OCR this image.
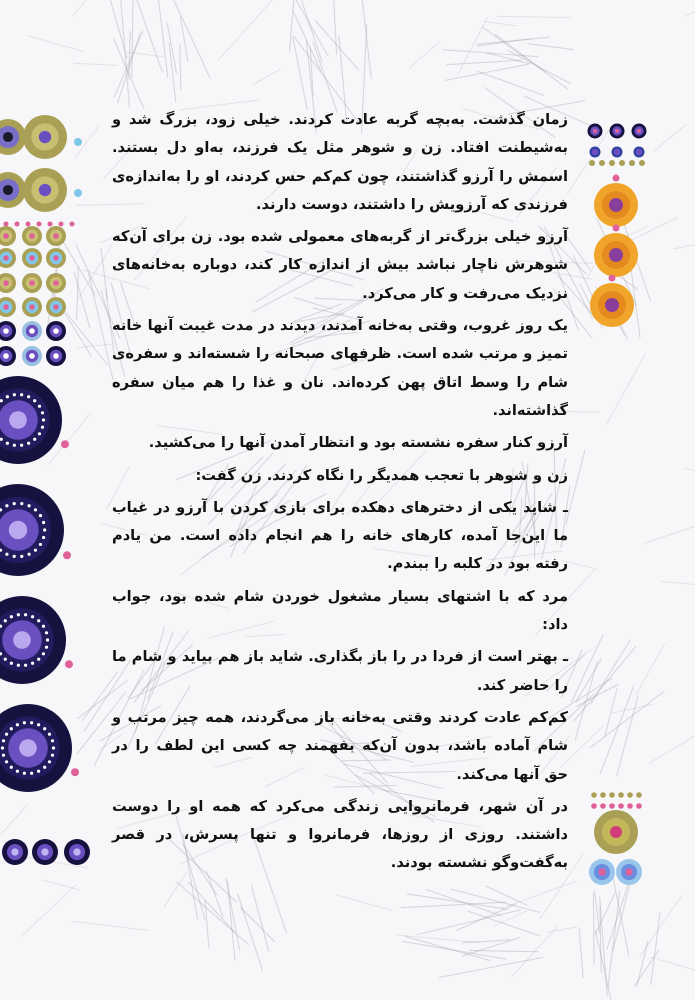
زمان گذشت. به‌بچه گربه عادت کردند. خیلی زود، بزرگ شد و به‌شیطنت افتاد. زن و شوهر مثل یک فرزند، به‌او دل بستند. اسمش را آرزو گذاشتند، چون کم‌کم حس کردند، او را به‌اندازه‌ی فرزندی که آرزویش را داشتند، دوست دارند.

آرزو خیلی بزرگ‌تر از گربه‌های معمولی شده بود. زن برای آن‌که شوهرش ناچار نباشد بیش از اندازه کار کند، دوباره به‌خانه‌های نزدیک می‌رفت و کار می‌کرد.

یک روز غروب، وقتی به‌خانه آمدند، دیدند در مدت غیبت آنها خانه تمیز و مرتب شده است. ظرفهای صبحانه را شسته‌اند و سفره‌ی شام را وسط اتاق پهن کرده‌اند. نان و غذا را هم میان سفره گذاشته‌اند.

آرزو کنار سفره نشسته بود و انتظار آمدن آنها را می‌کشید.

زن و شوهر با تعجب همدیگر را نگاه کردند. زن گفت:

ـ شاید یکی از دخترهای دهکده برای بازی کردن با آرزو در غیاب ما این‌جا آمده، کارهای خانه را هم انجام داده است. من یادم رفته بود در کلبه را ببندم.

مرد که با اشتهای بسیار مشغول خوردن شام شده بود، جواب داد:

ـ بهتر است از فردا در را باز بگذاری. شاید باز هم بیاید و شام ما را حاضر کند.

کم‌کم عادت کردند وقتی به‌خانه باز می‌گردند، همه چیز مرتب و شام آماده باشد، بدون آن‌که بفهمند چه کسی این لطف را در حق آنها می‌کند.

در آن شهر، فرمانروایی زندگی می‌کرد که همه او را دوست داشتند. روزی از روزها، فرمانروا و تنها پسرش، در قصر به‌گفت‌وگو نشسته بودند.
